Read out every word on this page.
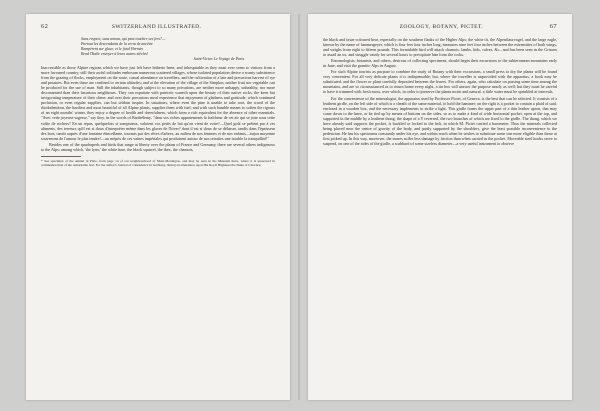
62	SWITZERLAND ILLUSTRATED.
Sans respect, sans amour, qui peut toucher ses fers?—
Partout les descendants de la vertu de ancêtre
Rampèrent sur glace, et le fatal Hermès
Rend l'Italie envoyer à leurs autres siècles!
Saint-Victor. Le Voyage de Paris.

Inaccessible as those Alpine regions which we have just left have hitherto been, and inhospitable as they must ever seem to visitors from a more favoured country, still their awful solitudes embosom numerous scattered villages, whose isolated population derive a scanty subsistence from the grazing of flocks, employment on the route, casual attendance on travellers, and the cultivation of a late and precarious harvest of rye and potatoes. But even these are confined to certain altitudes; and at the elevation of the village of the Simplon, neither fruit nor vegetable can be produced for the use of man. Still the inhabitants, though subject to so many privations, are neither more unhappy, unhealthy, nor more discontented than their luxurious neighbours. They can expatiate with patriotic warmth upon the beauty of their native rocks, the keen but invigorating temperature of their clime; and over their precarious meal experience that enjoyment of gladness and gratitude, which continued profusion, or even regular supplies, can but seldom inspire. In situations, where even the pine is unable to take root, the wood of the rhododendron, the hardiest and most beautiful of all Alpine plants, supplies them with fuel; and with such humble means to soften the rigours of an eight months' winter, they enjoy a degree of health and cheerfulness, which form a rich equivalent for the absence of other essentials. "Avec cette joyeuse sagesse," say they, in the words of Barthélemy, "dans vos riches appartements la fraîcheur de cet air qui se joue sous cette voûte de rochers? En un repas, quelquefois si somptueux, valoient vos petits de lait qu'on vient de voire?—Quel goût se prêtent par à ces aliments, des terreurs qu'il est si doux d'interpréter même dans les glaces de l'hiver? dont il est si doux de se délasser, tandis dans l'épaisseur des bois, tantôt auprès d'une fontaine étincellante, tourmis par des rêves d'arbres, au milieu de nos femmes et de nos enfants—aujou moyenne souvenons de l'amour le plus tendre!—au mépris de ces vaines impériales qui produisent autour de nos retraites une trouble la tranquillité!"

Besides one of the quadrupeds and birds that range at liberty over the plains of France and Germany, there are several others indigenous to the Alps; among which, 'the lynx,' the white hare, the black squirrel, the ibex, the chamois,

* See specimen of the animal in Plate, from page 14 of our neighbourhood of Mont-Montégras, and may be seen in the Museum there, where it is preserved in commemoration of the remarkable feat. For the author's Journal of a Residence in Germany, during an attendance upon His Royal Highness the Duke of Clarence.

ZOOLOGY, BOTANY, PICTET.	67

the black and fawn-coloured bear, especially on the southern flanks of the Higher Alps; the white tit, the Alpenflaurvogel, and the large eagle, known by the name of lammergeyer, which is four feet four inches long, measures nine feet four inches between the extremities of both wings, and weighs from eight to fifteen pounds. This formidable bird will attack chamois, lambs, kids, calves, &c., and has been seen in the Grisons to assail an ox, and struggle vainly for several hours to precipitate him from the rocks.

Entomologists, botanists, and others, desirous of collecting specimens, should begin their excursions to the subterranean mountains early in June, and visit the granitic Alps in August.

For such Alpine tourists as purpose to combine the study of Botany with their excursions, a small press to dry the plants will be found very convenient. For all very delicate plants it is indispensable; but, where the traveller is unprovided with the apparatus, a book may be substituted, and the flower or plant carefully deposited between the leaves. For others, again, who calculate on passing some time among the mountains, and are so circumstanced as to return home every night, a tin box will answer the purpose nearly as well; but they must be careful to have it trimmed with fresh moss, over which, in order to preserve the plants moist and natural, a little water must be sprinkled at intervals.

For the convenience of the mineralogist, the apparatus used by Professor Pictet, of Geneva, is the best that can be selected. It consists of a leathern girdle, on the left side of which is a sheath of the same material, to hold the hammer; on the right is a pocket to contain a plaid of said, enclosed in a wooden box, and the necessary implements to strike a light. This girdle forms the upper part of a thin leather apron, that may come down to the knee, or be tied up by means of buttons on the sides, so as to make a kind of wide horizontal pocket, open at the top, and supported in the middle by a leathern thong, the shape of a Y reversed, the two branches of which are fixed to the girdle. The thong, which we have already said supports the pocket, is buckled or locked to the belt, in which M. Pictet carried a barometer. Thus the minerals collected being placed near the centre of gravity of the body, and partly supported by the shoulders, give the least possible inconvenience to the pedestrian. He has his specimens constantly under his eye, and within reach when he wishes to substitute some one more eligible than those at first picked up. In this way, moreover, the stones suffer less damage by friction than when carried in the pocket. Moveable steel hooks serve to suspend, on one of the sides of the girdle, a scabbard of some sizeless diameter—a very useful instrument to observe
